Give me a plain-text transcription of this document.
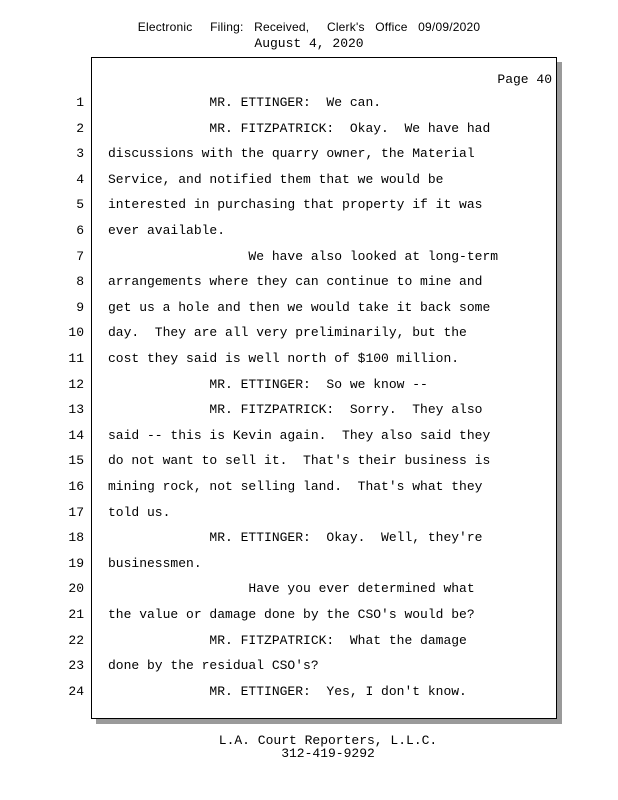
Electronic     Filing:   Received,     Clerk's   Office   09/09/2020
August 4, 2020
Page 40
1 MR. ETTINGER:  We can.
2 MR. FITZPATRICK:  Okay.  We have had
3 discussions with the quarry owner, the Material
4 Service, and notified them that we would be
5 interested in purchasing that property if it was
6 ever available.
7 We have also looked at long-term
8 arrangements where they can continue to mine and
9 get us a hole and then we would take it back some
10 day.  They are all very preliminarily, but the
11 cost they said is well north of $100 million.
12 MR. ETTINGER:  So we know --
13 MR. FITZPATRICK:  Sorry.  They also
14 said -- this is Kevin again.  They also said they
15 do not want to sell it.  That's their business is
16 mining rock, not selling land.  That's what they
17 told us.
18 MR. ETTINGER:  Okay.  Well, they're
19 businessmen.
20 Have you ever determined what
21 the value or damage done by the CSO's would be?
22 MR. FITZPATRICK:  What the damage
23 done by the residual CSO's?
24 MR. ETTINGER:  Yes, I don't know.
L.A. Court Reporters, L.L.C.
312-419-9292
